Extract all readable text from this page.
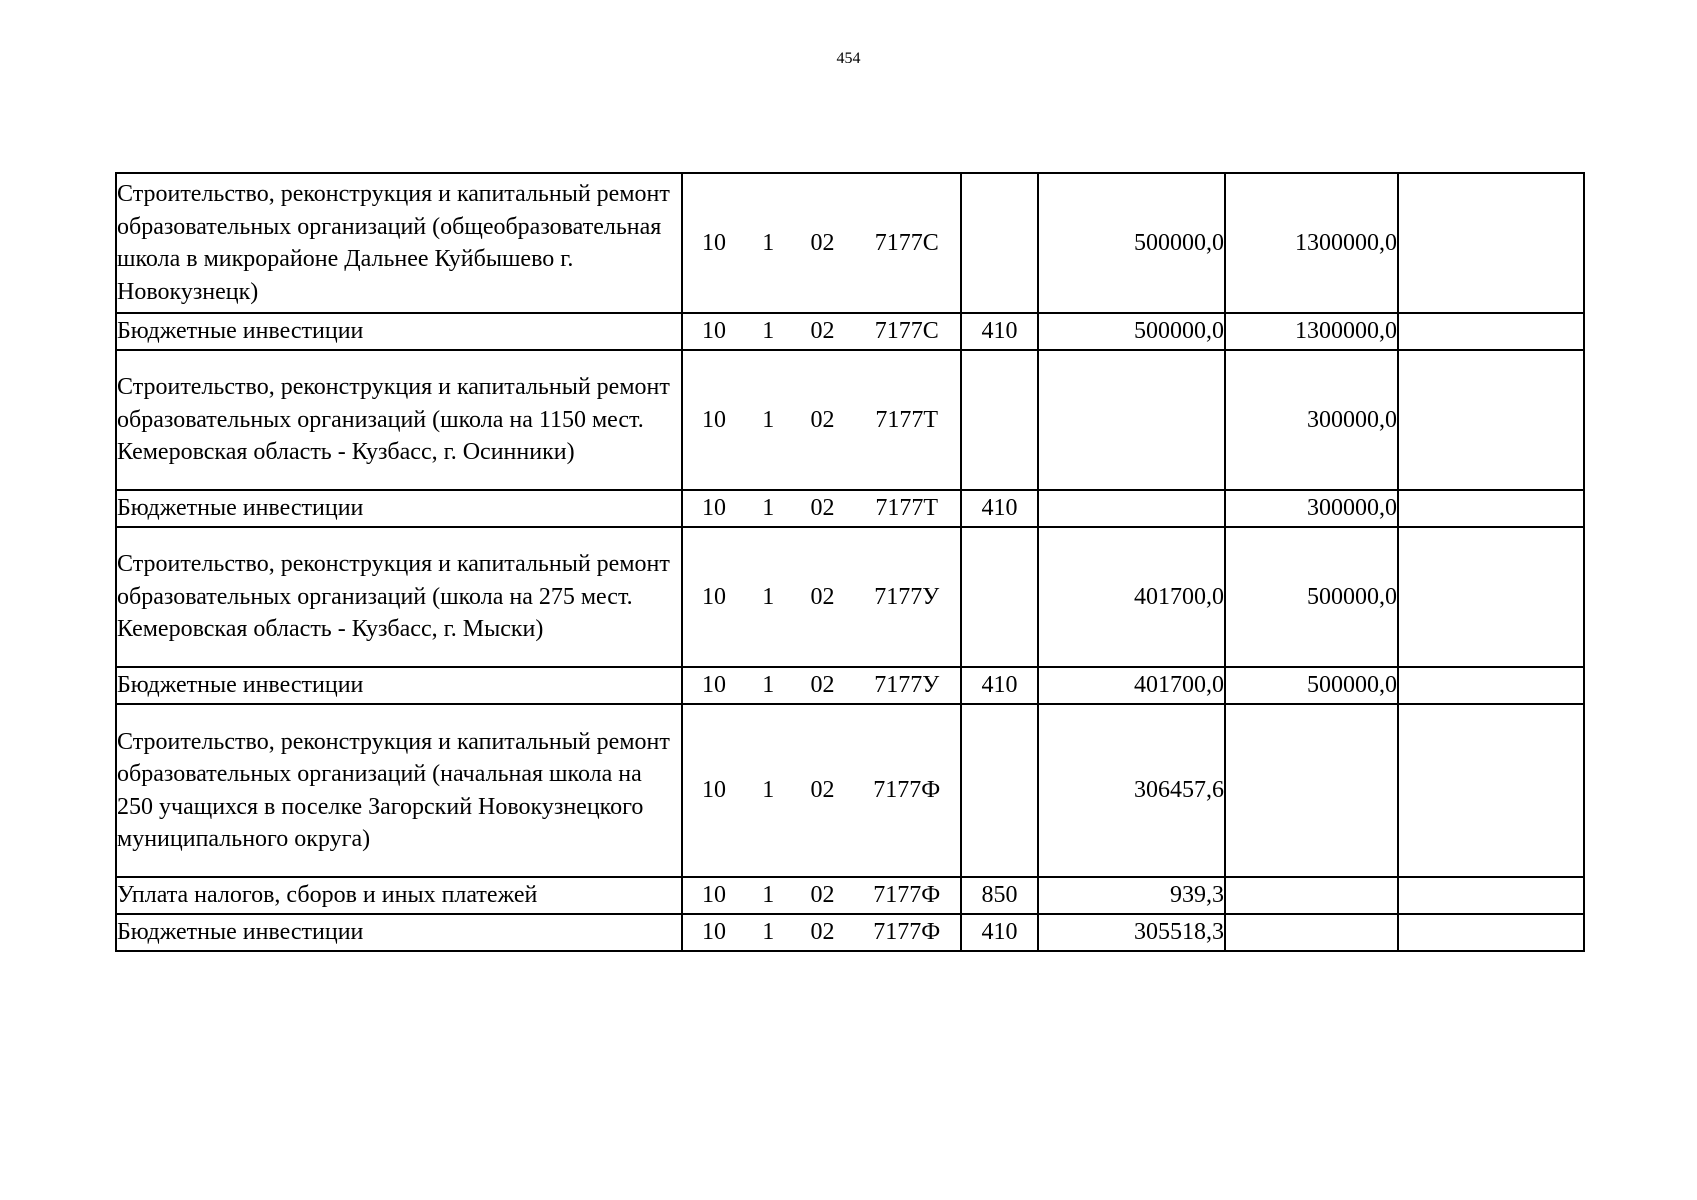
454
Строительство, реконструкция и капитальный ремонт образовательных организаций (общеобразовательная школа в микрорайоне Дальнее Куйбышево г. Новокузнецк)	10 1 02 7177С		500000,0	1300000,0	
Бюджетные инвестиции	10 1 02 7177С	410	500000,0	1300000,0	
Строительство, реконструкция и капитальный ремонт образовательных организаций (школа на 1150 мест. Кемеровская область - Кузбасс, г. Осинники)	10 1 02 7177Т			300000,0	
Бюджетные инвестиции	10 1 02 7177Т	410		300000,0	
Строительство, реконструкция и капитальный ремонт образовательных организаций (школа на 275 мест. Кемеровская область - Кузбасс, г. Мыски)	10 1 02 7177У		401700,0	500000,0	
Бюджетные инвестиции	10 1 02 7177У	410	401700,0	500000,0	
Строительство, реконструкция и капитальный ремонт образовательных организаций (начальная школа на 250 учащихся в поселке Загорский Новокузнецкого муниципального округа)	10 1 02 7177Ф		306457,6		
Уплата налогов, сборов и иных платежей	10 1 02 7177Ф	850	939,3		
Бюджетные инвестиции	10 1 02 7177Ф	410	305518,3		
